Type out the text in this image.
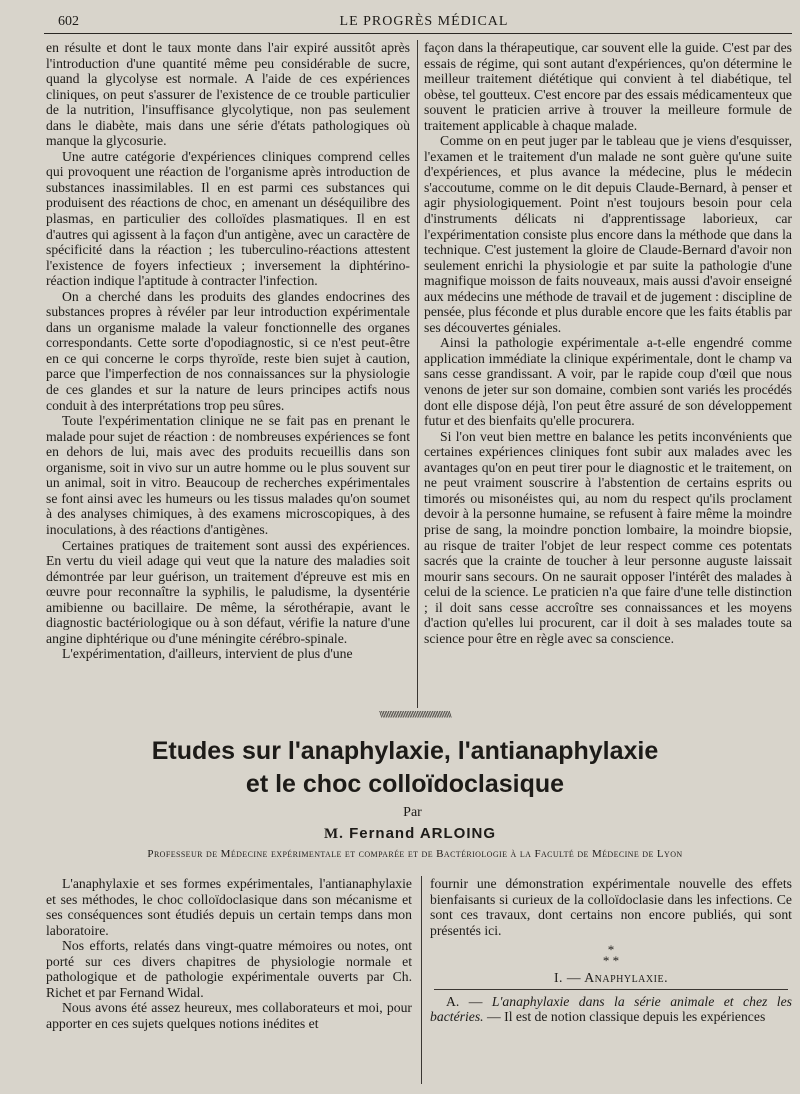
602	LE PROGRÈS MÉDICAL

en résulte et dont le taux monte dans l'air expiré aussitôt après l'introduction d'une quantité même peu considérable de sucre, quand la glycolyse est normale. A l'aide de ces expériences cliniques, on peut s'assurer de l'existence de ce trouble particulier de la nutrition, l'insuffisance glycolytique, non pas seulement dans le diabète, mais dans une série d'états pathologiques où manque la glycosurie.

Une autre catégorie d'expériences cliniques comprend celles qui provoquent une réaction de l'organisme après introduction de substances inassimilables. Il en est parmi ces substances qui produisent des réactions de choc, en amenant un déséquilibre des plasmas, en particulier des colloïdes plasmatiques. Il en est d'autres qui agissent à la façon d'un antigène, avec un caractère de spécificité dans la réaction ; les tuberculino-réactions attestent l'existence de foyers infectieux ; inversement la diphtérino-réaction indique l'aptitude à contracter l'infection.

On a cherché dans les produits des glandes endocrines des substances propres à révéler par leur introduction expérimentale dans un organisme malade la valeur fonctionnelle des organes correspondants. Cette sorte d'opodiagnostic, si ce n'est peut-être en ce qui concerne le corps thyroïde, reste bien sujet à caution, parce que l'imperfection de nos connaissances sur la physiologie de ces glandes et sur la nature de leurs principes actifs nous conduit à des interprétations trop peu sûres.

Toute l'expérimentation clinique ne se fait pas en prenant le malade pour sujet de réaction : de nombreuses expériences se font en dehors de lui, mais avec des produits recueillis dans son organisme, soit in vivo sur un autre homme ou le plus souvent sur un animal, soit in vitro. Beaucoup de recherches expérimentales se font ainsi avec les humeurs ou les tissus malades qu'on soumet à des analyses chimiques, à des examens microscopiques, à des inoculations, à des réactions d'antigènes.

Certaines pratiques de traitement sont aussi des expériences. En vertu du vieil adage qui veut que la nature des maladies soit démontrée par leur guérison, un traitement d'épreuve est mis en œuvre pour reconnaître la syphilis, le paludisme, la dysentérie amibienne ou bacillaire. De même, la sérothérapie, avant le diagnostic bactériologique ou à son défaut, vérifie la nature d'une angine diphtérique ou d'une méningite cérébro-spinale.

L'expérimentation, d'ailleurs, intervient de plus d'une

façon dans la thérapeutique, car souvent elle la guide. C'est par des essais de régime, qui sont autant d'expériences, qu'on détermine le meilleur traitement diététique qui convient à tel diabétique, tel obèse, tel goutteux. C'est encore par des essais médicamenteux que souvent le praticien arrive à trouver la meilleure formule de traitement applicable à chaque malade.

Comme on en peut juger par le tableau que je viens d'esquisser, l'examen et le traitement d'un malade ne sont guère qu'une suite d'expériences, et plus avance la médecine, plus le médecin s'accoutume, comme on le dit depuis Claude-Bernard, à penser et agir physiologiquement. Point n'est toujours besoin pour cela d'instruments délicats ni d'apprentissage laborieux, car l'expérimentation consiste plus encore dans la méthode que dans la technique. C'est justement la gloire de Claude-Bernard d'avoir non seulement enrichi la physiologie et par suite la pathologie d'une magnifique moisson de faits nouveaux, mais aussi d'avoir enseigné aux médecins une méthode de travail et de jugement : discipline de pensée, plus féconde et plus durable encore que les faits établis par ses découvertes géniales.

Ainsi la pathologie expérimentale a-t-elle engendré comme application immédiate la clinique expérimentale, dont le champ va sans cesse grandissant. A voir, par le rapide coup d'œil que nous venons de jeter sur son domaine, combien sont variés les procédés dont elle dispose déjà, l'on peut être assuré de son développement futur et des bienfaits qu'elle procurera.

Si l'on veut bien mettre en balance les petits inconvénients que certaines expériences cliniques font subir aux malades avec les avantages qu'on en peut tirer pour le diagnostic et le traitement, on ne peut vraiment souscrire à l'abstention de certains esprits ou timorés ou misonéistes qui, au nom du respect qu'ils proclament devoir à la personne humaine, se refusent à faire même la moindre prise de sang, la moindre ponction lombaire, la moindre biopsie, au risque de traiter l'objet de leur respect comme ces potentats sacrés que la crainte de toucher à leur personne auguste laissait mourir sans secours. On ne saurait opposer l'intérêt des malades à celui de la science. Le praticien n'a que faire d'une telle distinction ; il doit sans cesse accroître ses connaissances et les moyens d'action qu'elles lui procurent, car il doit à ses malades toute sa science pour être en règle avec sa conscience.

\\\\\\\\\\\\\\\\\\\\\\\\\\\\\\\\\\\\\\\\\\
Etudes sur l'anaphylaxie, l'antianaphylaxie
et le choc colloïdoclasique
Par
M. Fernand ARLOING
Professeur de Médecine expérimentale et comparée et de Bactériologie à la Faculté de Médecine de Lyon

L'anaphylaxie et ses formes expérimentales, l'antianaphylaxie et ses méthodes, le choc colloïdoclasique dans son mécanisme et ses conséquences sont étudiés depuis un certain temps dans mon laboratoire.

Nos efforts, relatés dans vingt-quatre mémoires ou notes, ont porté sur ces divers chapitres de physiologie normale et pathologique et de pathologie expérimentale ouverts par Ch. Richet et par Fernand Widal.

Nous avons été assez heureux, mes collaborateurs et moi, pour apporter en ces sujets quelques notions inédites et

fournir une démonstration expérimentale nouvelle des effets bienfaisants si curieux de la colloïdoclasie dans les infections. Ce sont ces travaux, dont certains non encore publiés, qui sont présentés ici.

*
* *
I. — Anaphylaxie.

A. — L'anaphylaxie dans la série animale et chez les bactéries. — Il est de notion classique depuis les expériences
